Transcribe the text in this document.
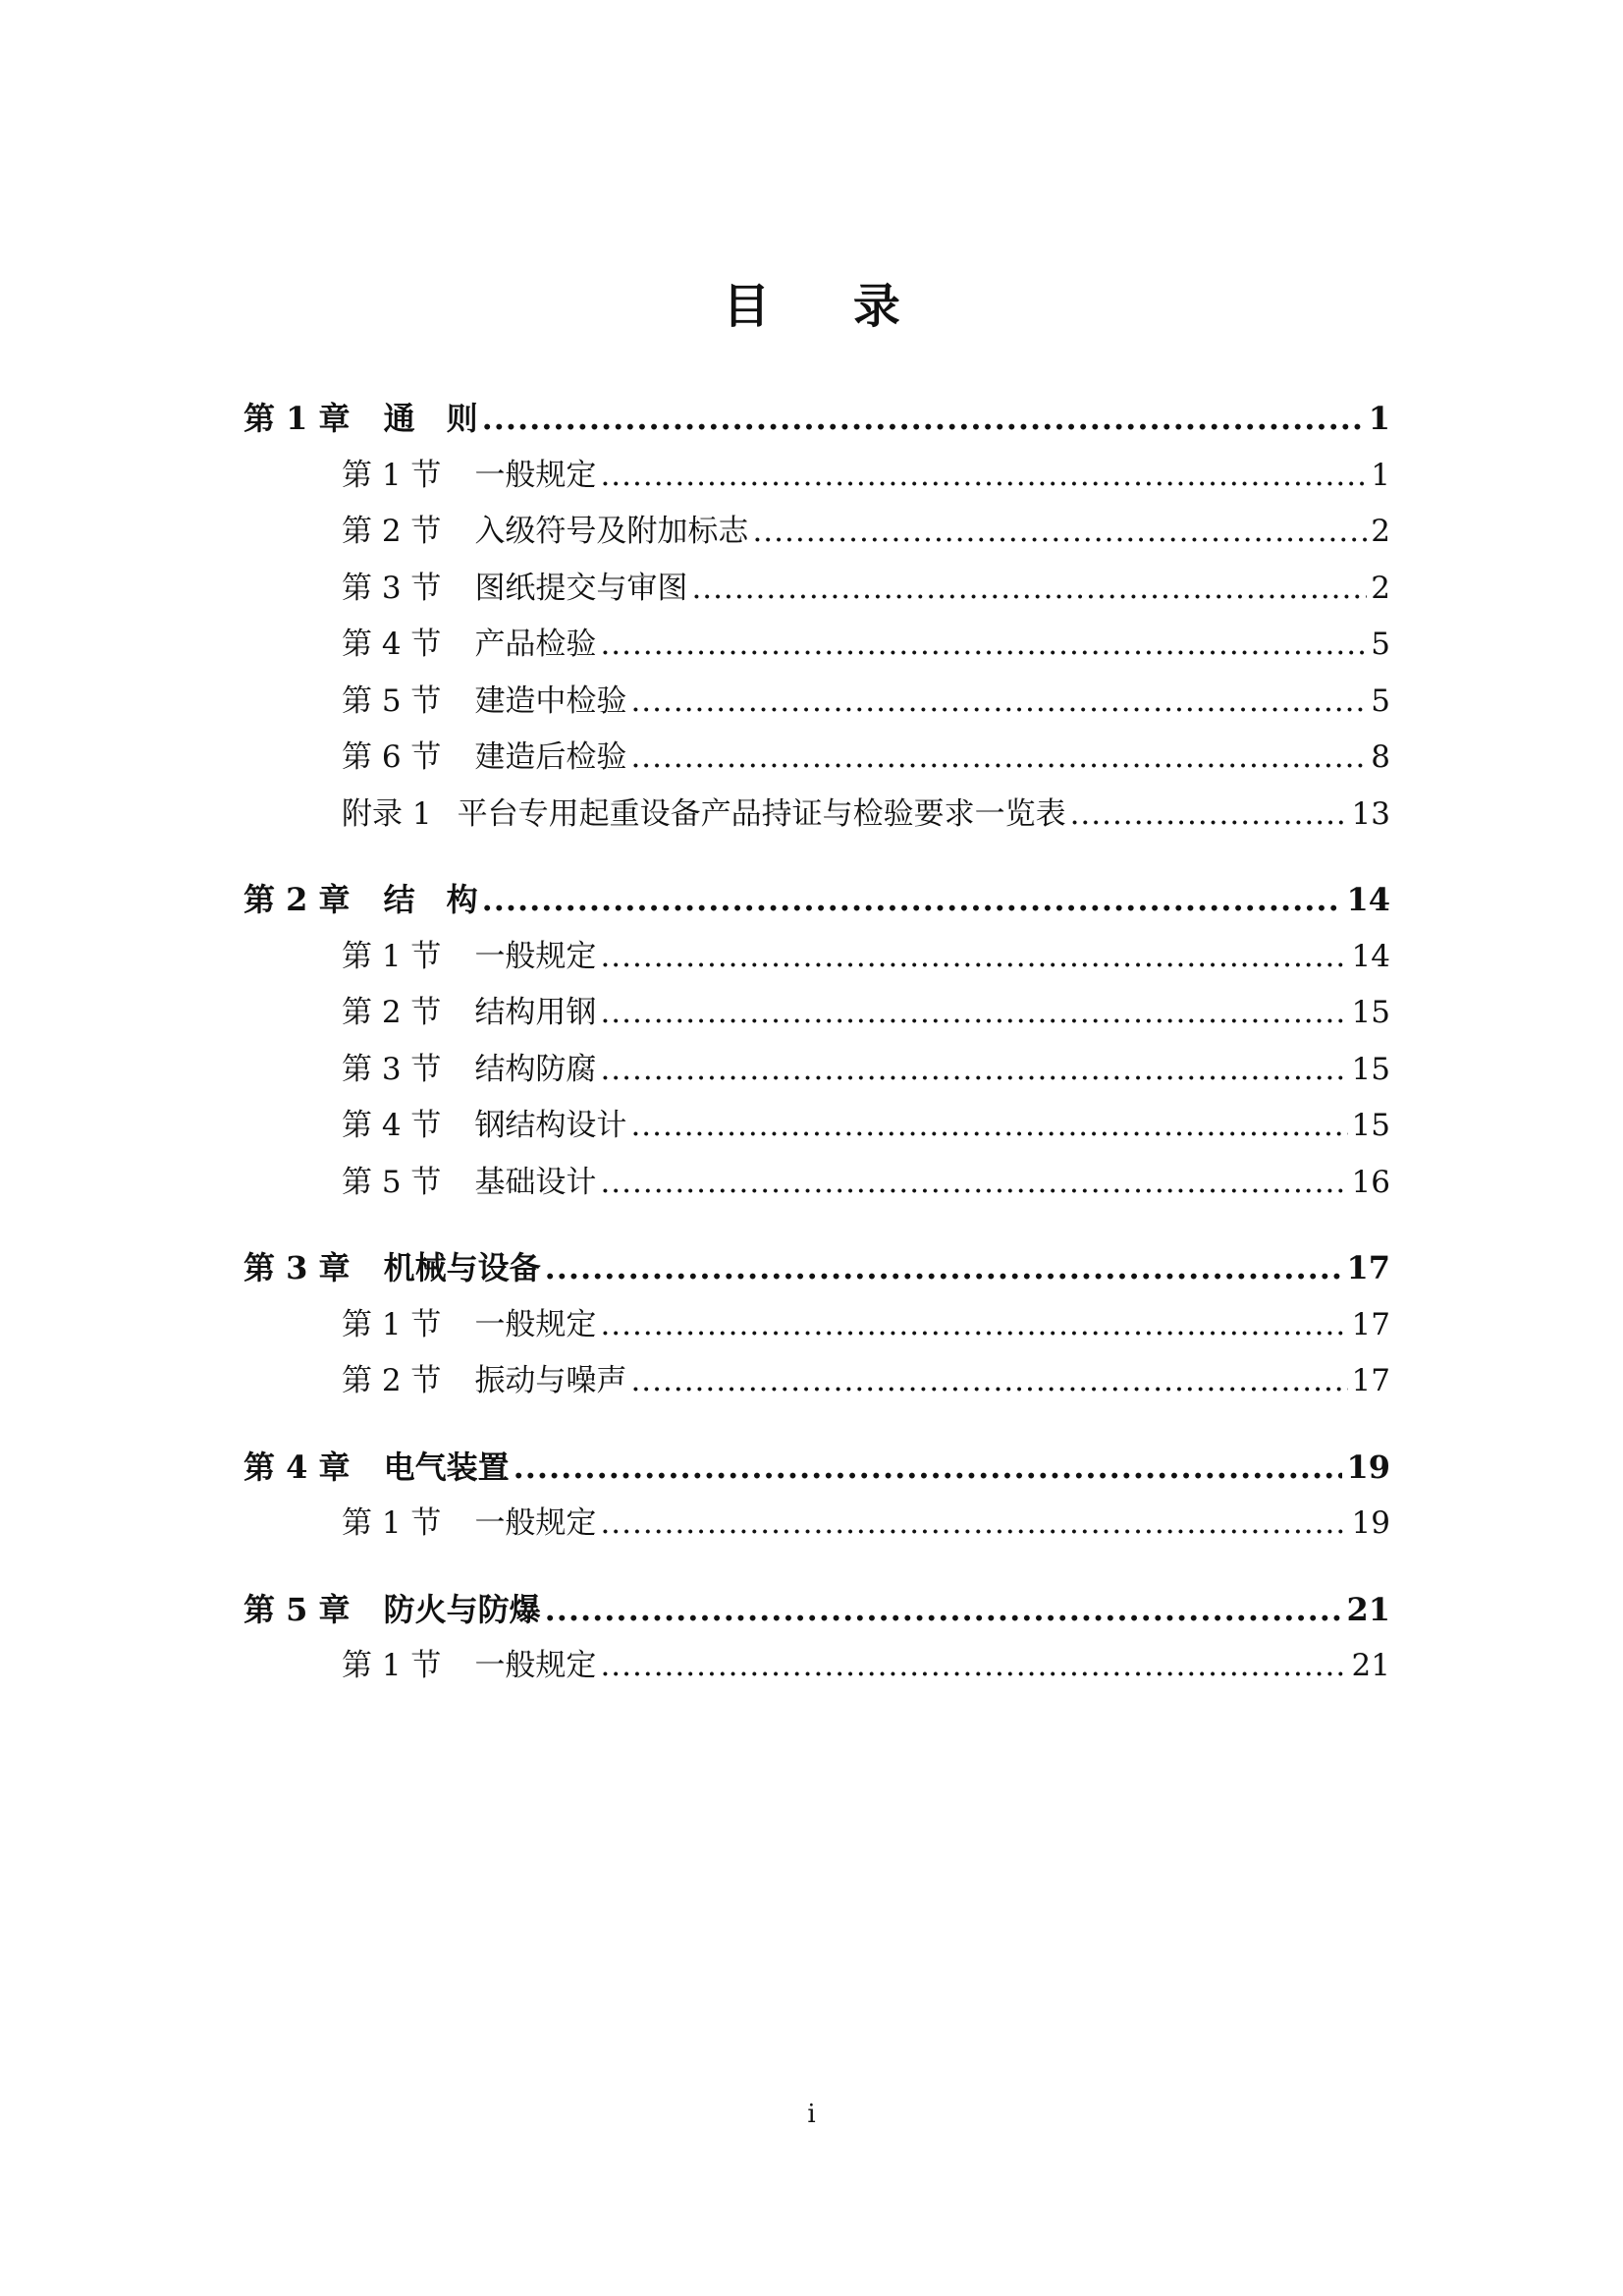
目 录
第 1 章 通　则 .....	1
第 1 节 一般规定 .....	1
第 2 节 入级符号及附加标志 .....	2
第 3 节 图纸提交与审图 .....	2
第 4 节 产品检验 .....	5
第 5 节 建造中检验 .....	5
第 6 节 建造后检验 .....	8
附录 1 平台专用起重设备产品持证与检验要求一览表 .....	13
第 2 章 结　构 .....	14
第 1 节 一般规定 .....	14
第 2 节 结构用钢 .....	15
第 3 节 结构防腐 .....	15
第 4 节 钢结构设计 .....	15
第 5 节 基础设计 .....	16
第 3 章 机械与设备 .....	17
第 1 节 一般规定 .....	17
第 2 节 振动与噪声 .....	17
第 4 章 电气装置 .....	19
第 1 节 一般规定 .....	19
第 5 章 防火与防爆 .....	21
第 1 节 一般规定 .....	21
i
